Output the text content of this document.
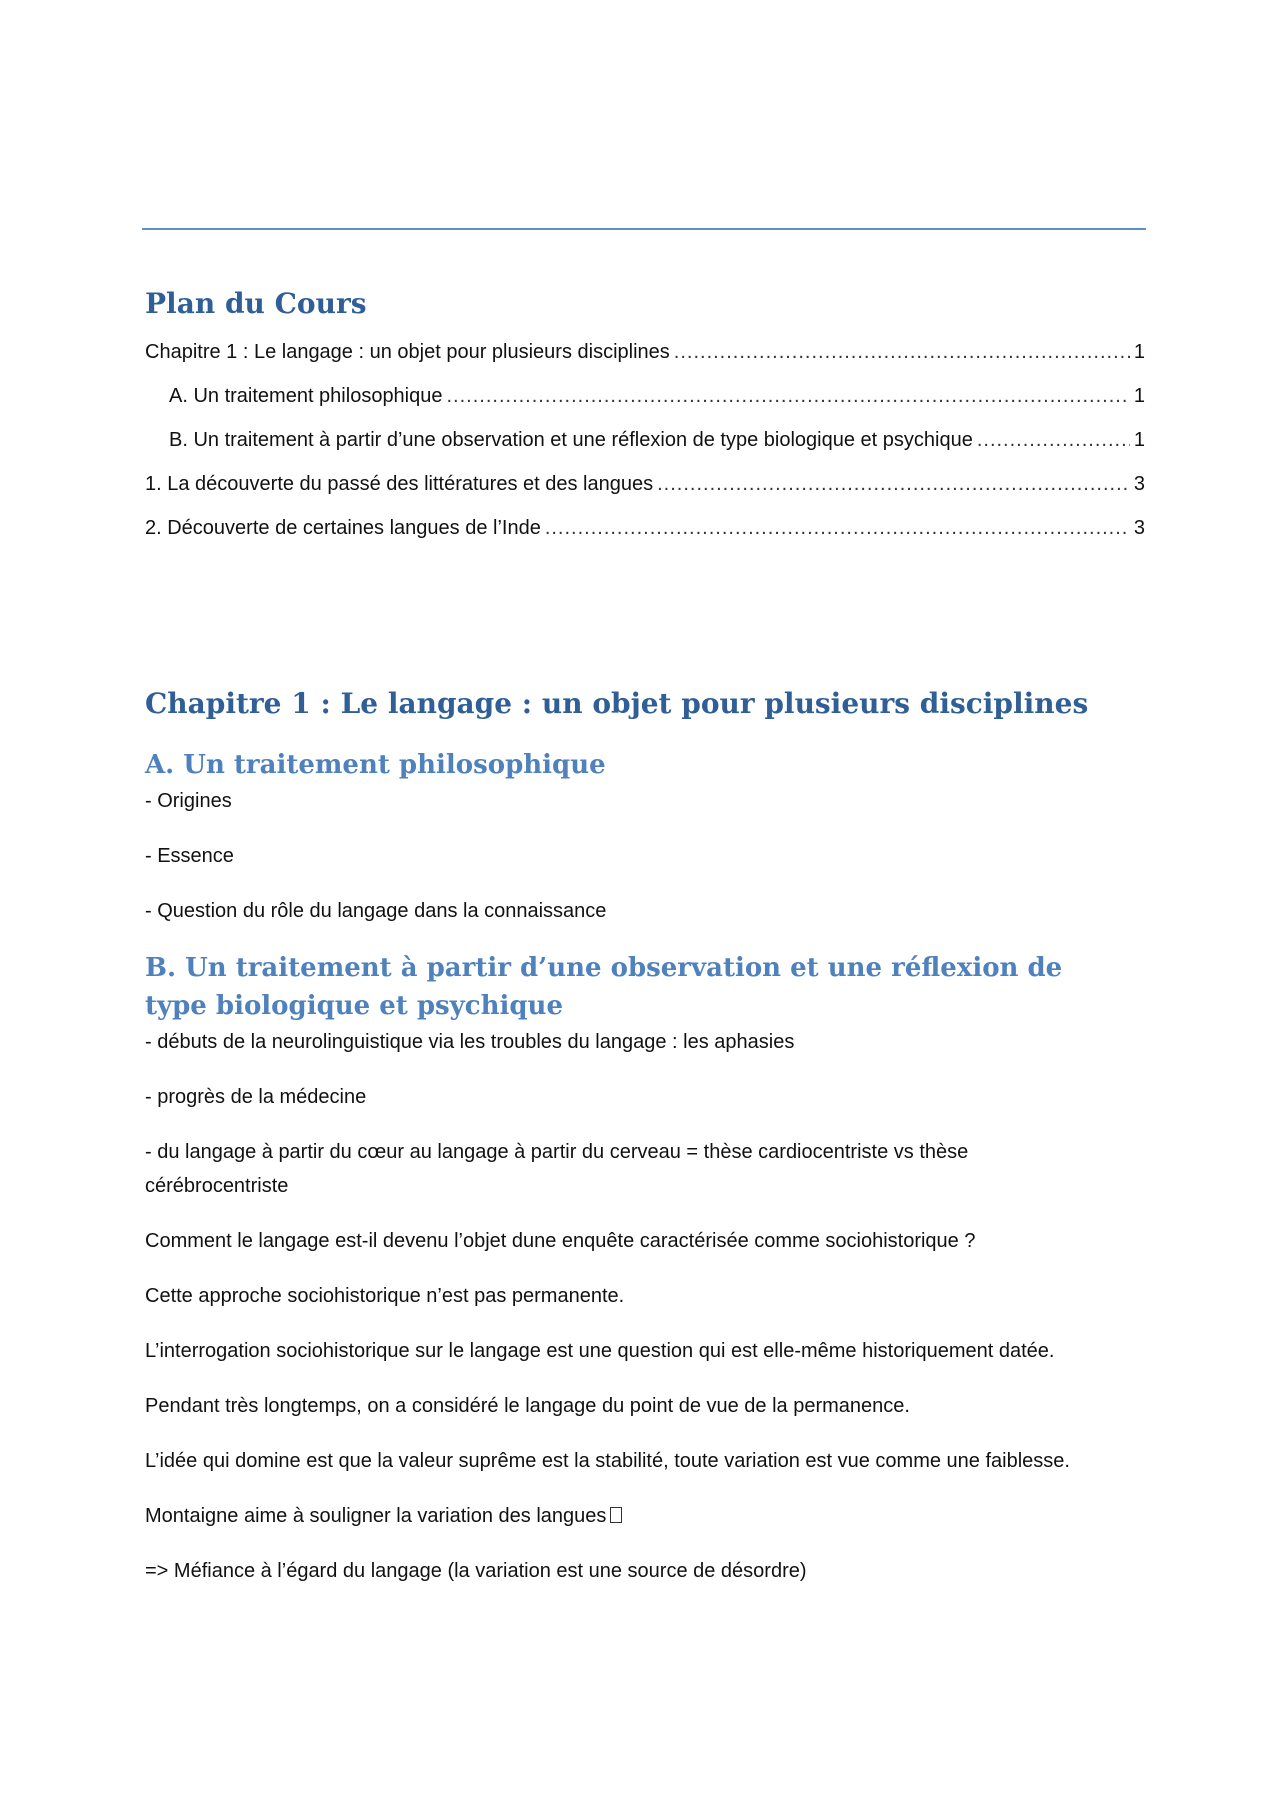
Plan du Cours
Chapitre 1 : Le langage : un objet pour plusieurs disciplines .....	1
A. Un traitement philosophique .....	1
B. Un traitement à partir d’une observation et une réflexion de type biologique et psychique .....	1
1. La découverte du passé des littératures et des langues .....	3
2. Découverte de certaines langues de l’Inde .....	3
Chapitre 1 : Le langage : un objet pour plusieurs disciplines
A. Un traitement philosophique

- Origines

- Essence

- Question du rôle du langage dans la connaissance

B. Un traitement à partir d’une observation et une réflexion de type biologique et psychique

- débuts de la neurolinguistique via les troubles du langage : les aphasies

- progrès de la médecine

- du langage à partir du cœur au langage à partir du cerveau = thèse cardiocentriste vs thèse cérébrocentriste

Comment le langage est-il devenu l’objet dune enquête caractérisée comme sociohistorique ?

Cette approche sociohistorique n’est pas permanente.

L’interrogation sociohistorique sur le langage est une question qui est elle-même historiquement datée.

Pendant très longtemps, on a considéré le langage du point de vue de la permanence.

L’idée qui domine est que la valeur suprême est la stabilité, toute variation est vue comme une faiblesse.

Montaigne aime à souligner la variation des langues

=> Méfiance à l’égard du langage (la variation est une source de désordre)
